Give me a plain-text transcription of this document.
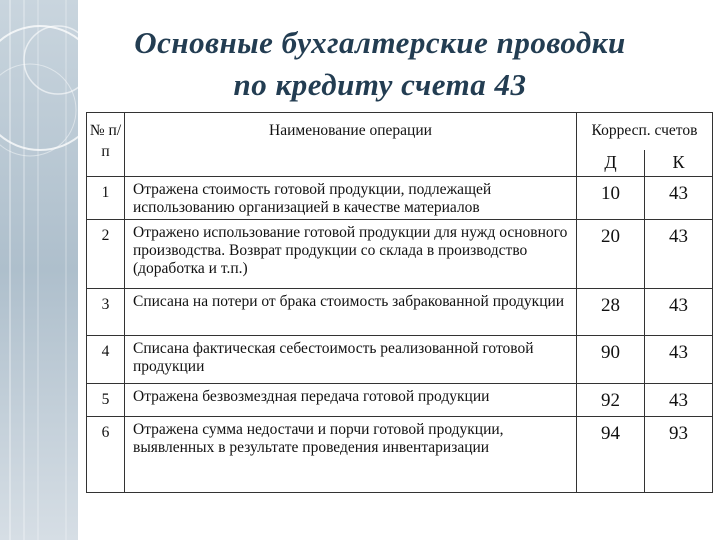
Основные бухгалтерские проводки
по кредиту счета 43
№ п/п	Наименование операции	Корресп. счетов	
		Д	К
1	Отражена стоимость готовой продукции, подлежащей использованию организацией в качестве материалов	10	43
2	Отражено использование готовой продукции для нужд основного производства. Возврат продукции со склада в производство (доработка и т.п.)	20	43
3	Списана на потери от брака стоимость забракованной продукции	28	43
4	Списана фактическая себестоимость реализованной готовой продукции	90	43
5	Отражена безвозмездная передача готовой продукции	92	43
6	Отражена сумма недостачи и порчи готовой продукции, выявленных в результате проведения инвентаризации	94	93
